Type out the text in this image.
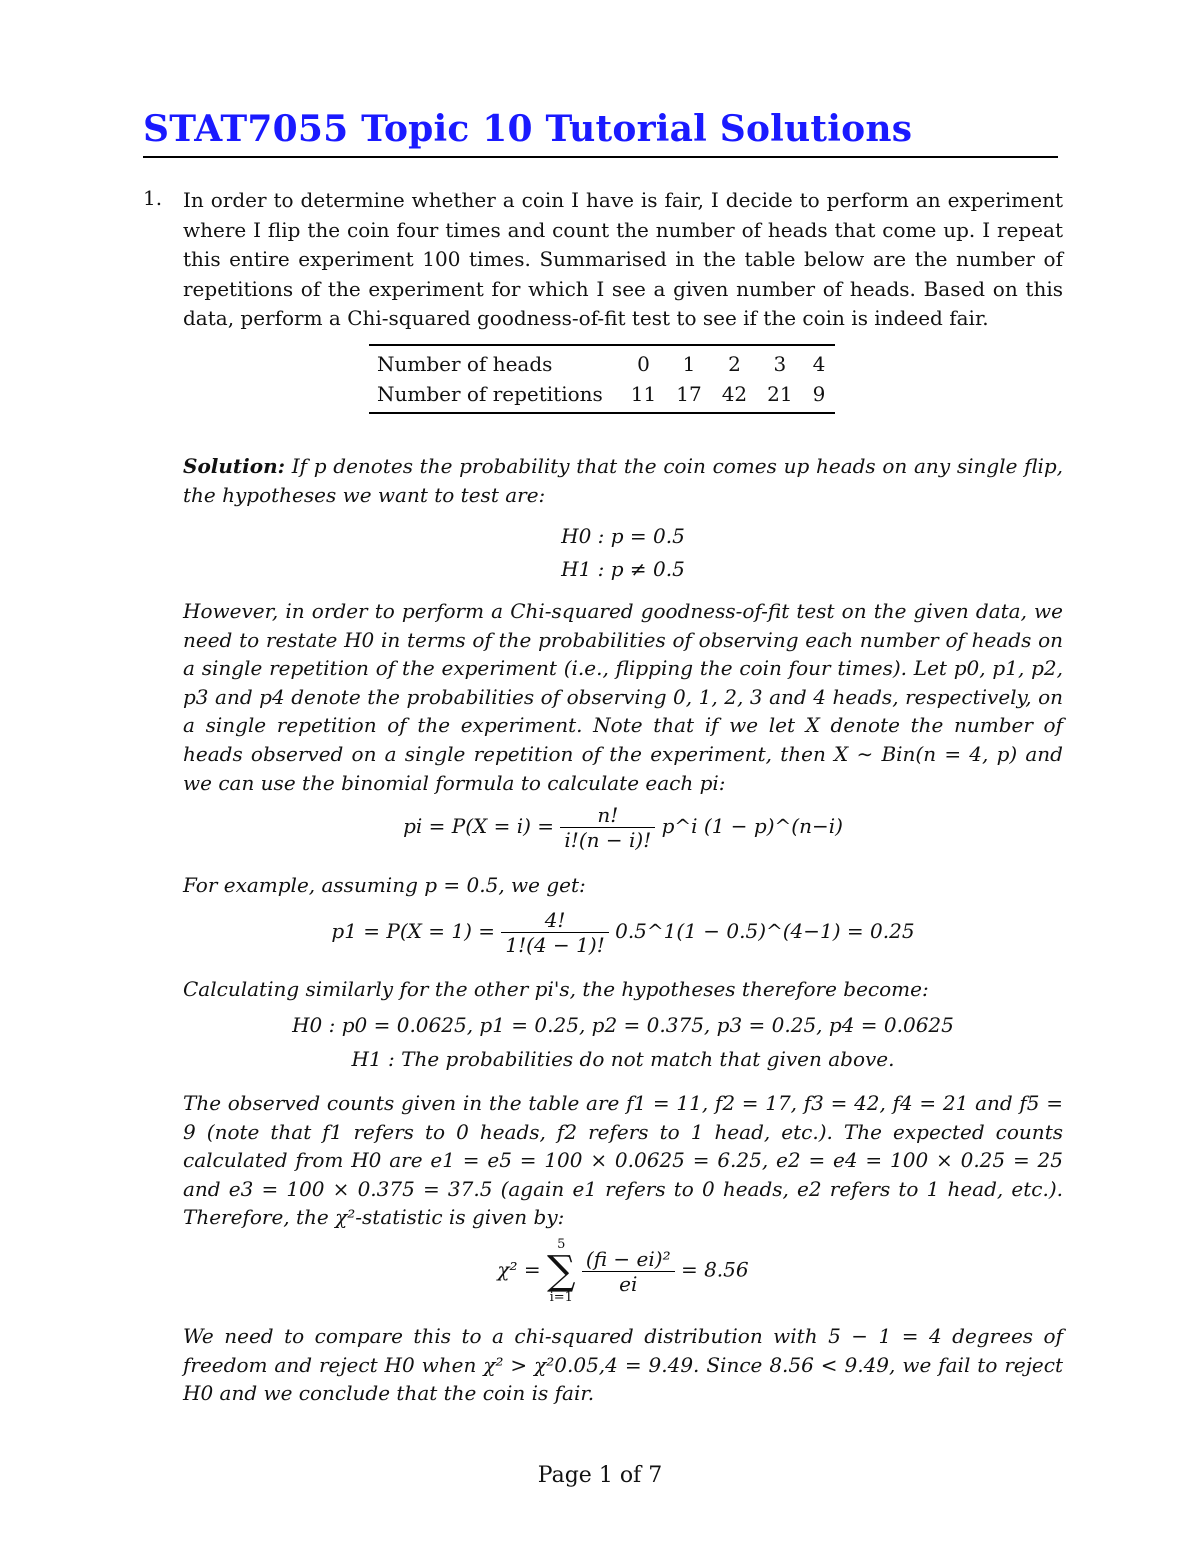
STAT7055 Topic 10 Tutorial Solutions
1. In order to determine whether a coin I have is fair, I decide to perform an experiment where I flip the coin four times and count the number of heads that come up. I repeat this entire experiment 100 times. Summarised in the table below are the number of repetitions of the experiment for which I see a given number of heads. Based on this data, perform a Chi-squared goodness-of-fit test to see if the coin is indeed fair.
Number of heads	0	1	2	3	4
Number of repetitions	11	17	42	21	9
Solution: If p denotes the probability that the coin comes up heads on any single flip, the hypotheses we want to test are:
H0 : p = 0.5
H1 : p ≠ 0.5
However, in order to perform a Chi-squared goodness-of-fit test on the given data, we need to restate H0 in terms of the probabilities of observing each number of heads on a single repetition of the experiment (i.e., flipping the coin four times). Let p0, p1, p2, p3 and p4 denote the probabilities of observing 0, 1, 2, 3 and 4 heads, respectively, on a single repetition of the experiment. Note that if we let X denote the number of heads observed on a single repetition of the experiment, then X ∼ Bin(n = 4, p) and we can use the binomial formula to calculate each pi:
pi = $P(X = i) = \frac{n!}{i!(n - i)!}$ p^i (1 − p)^(n−i)
For example, assuming p = 0.5, we get:
$p1 = P(X = 1) = \frac{4!}{1!(4 - 1)!}$ 0.5^1(1 − 0.5)^(4−1) = 0.25
Calculating similarly for the other pi's, the hypotheses therefore become:
H0 : p0 = 0.0625, p1 = 0.25, p2 = 0.375, p3 = 0.25, p4 = 0.0625
H1 : The probabilities do not match that given above.
The observed counts given in the table are f1 = 11, f2 = 17, f3 = 42, f4 = 21 and f5 = 9 (note that f1 refers to 0 heads, f2 refers to 1 head, etc.). The expected counts calculated from H0 are e1 = e5 = 100 × 0.0625 = 6.25, e2 = e4 = 100 × 0.25 = 25 and e3 = 100 × 0.375 = 37.5 (again e1 refers to 0 heads, e2 refers to 1 head, etc.). Therefore, the χ²-statistic is given by:
χ² =
5
∑
i=1

$\frac{\text{(fi − ei)²}}{ei} = 8.56$
We need to compare this to a chi-squared distribution with 5 − 1 = 4 degrees of freedom and reject H0 when χ² > χ²0.05,4 = 9.49. Since 8.56 < 9.49, we fail to reject H0 and we conclude that the coin is fair.
Page 1 of 7
